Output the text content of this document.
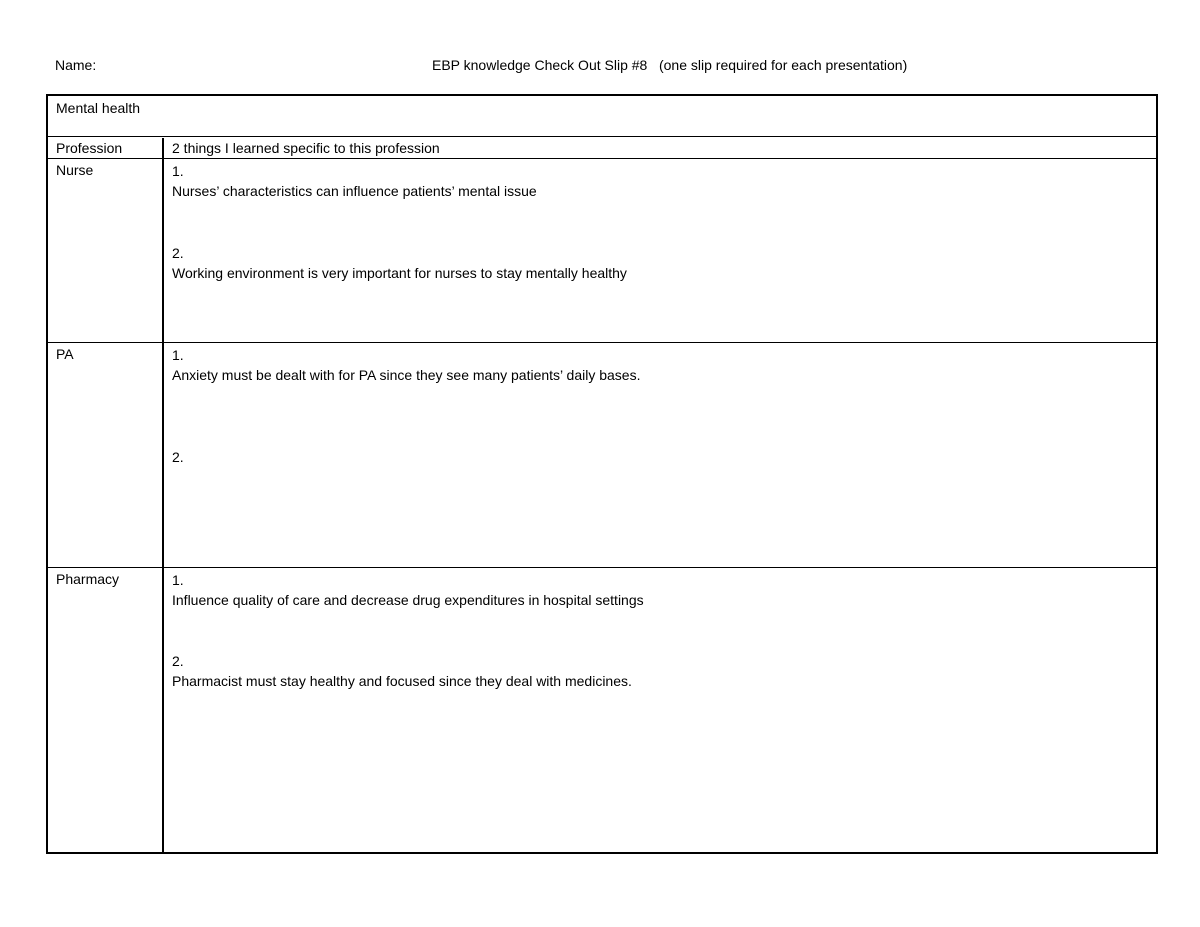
Name:	EBP knowledge Check Out Slip #8   (one slip required for each presentation)
Mental health
Profession	2 things I learned specific to this profession
Nurse	1.
Nurses’ characteristics can influence patients’ mental issue
2.
Working environment is very important for nurses to stay mentally healthy
PA	1.
Anxiety must be dealt with for PA since they see many patients’ daily bases.
2.
Pharmacy	1.
Influence quality of care and decrease drug expenditures in hospital settings
2.
Pharmacist must stay healthy and focused since they deal with medicines.
